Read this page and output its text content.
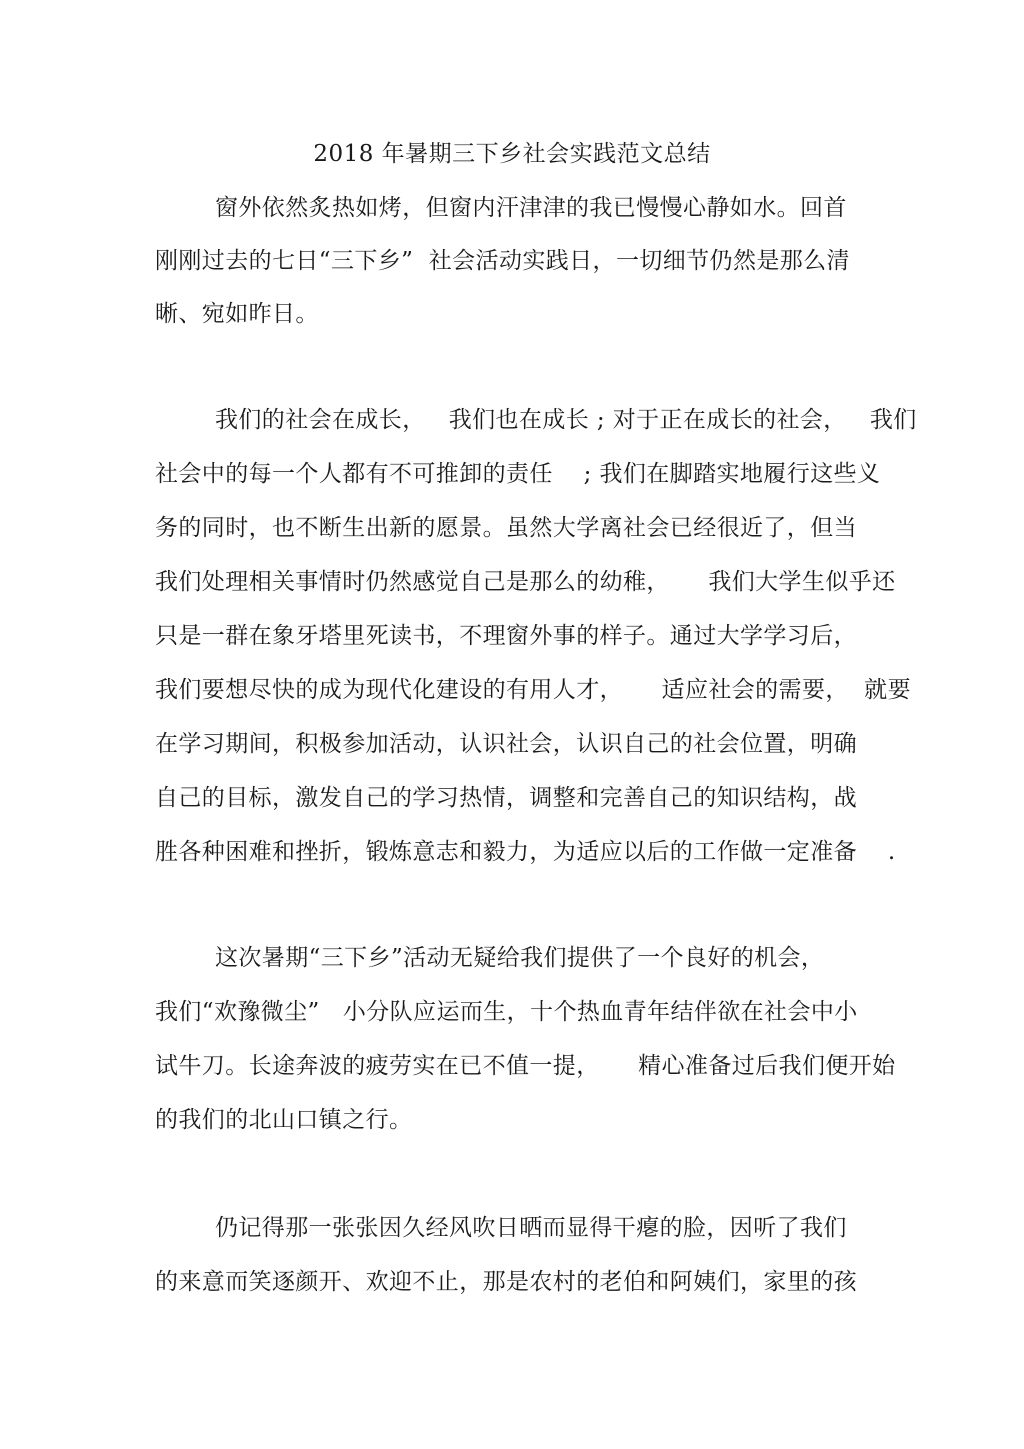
2018 年暑期三下乡社会实践范文总结
窗外依然炙热如烤，但窗内汗津津的我已慢慢心静如水。回首
刚刚过去的七日“三下乡”  社会活动实践日，一切细节仍然是那么清
晰、宛如昨日。
我们的社会在成长，   我们也在成长 ; 对于正在成长的社会，   我们
社会中的每一个人都有不可推卸的责任    ; 我们在脚踏实地履行这些义
务的同时，也不断生出新的愿景。虽然大学离社会已经很近了，但当
我们处理相关事情时仍然感觉自己是那么的幼稚，     我们大学生似乎还
只是一群在象牙塔里死读书，不理窗外事的样子。通过大学学习后，
我们要想尽快的成为现代化建设的有用人才，     适应社会的需要，  就要
在学习期间，积极参加活动，认识社会，认识自己的社会位置，明确
自己的目标，激发自己的学习热情，调整和完善自己的知识结构，战
胜各种困难和挫折，锻炼意志和毅力，为适应以后的工作做一定准备    .
这次暑期“三下乡”活动无疑给我们提供了一个良好的机会，
我们“欢豫微尘”   小分队应运而生，十个热血青年结伴欲在社会中小
试牛刀。长途奔波的疲劳实在已不值一提，     精心准备过后我们便开始
的我们的北山口镇之行。
仍记得那一张张因久经风吹日晒而显得干瘪的脸，因听了我们
的来意而笑逐颜开、欢迎不止，那是农村的老伯和阿姨们，家里的孩
